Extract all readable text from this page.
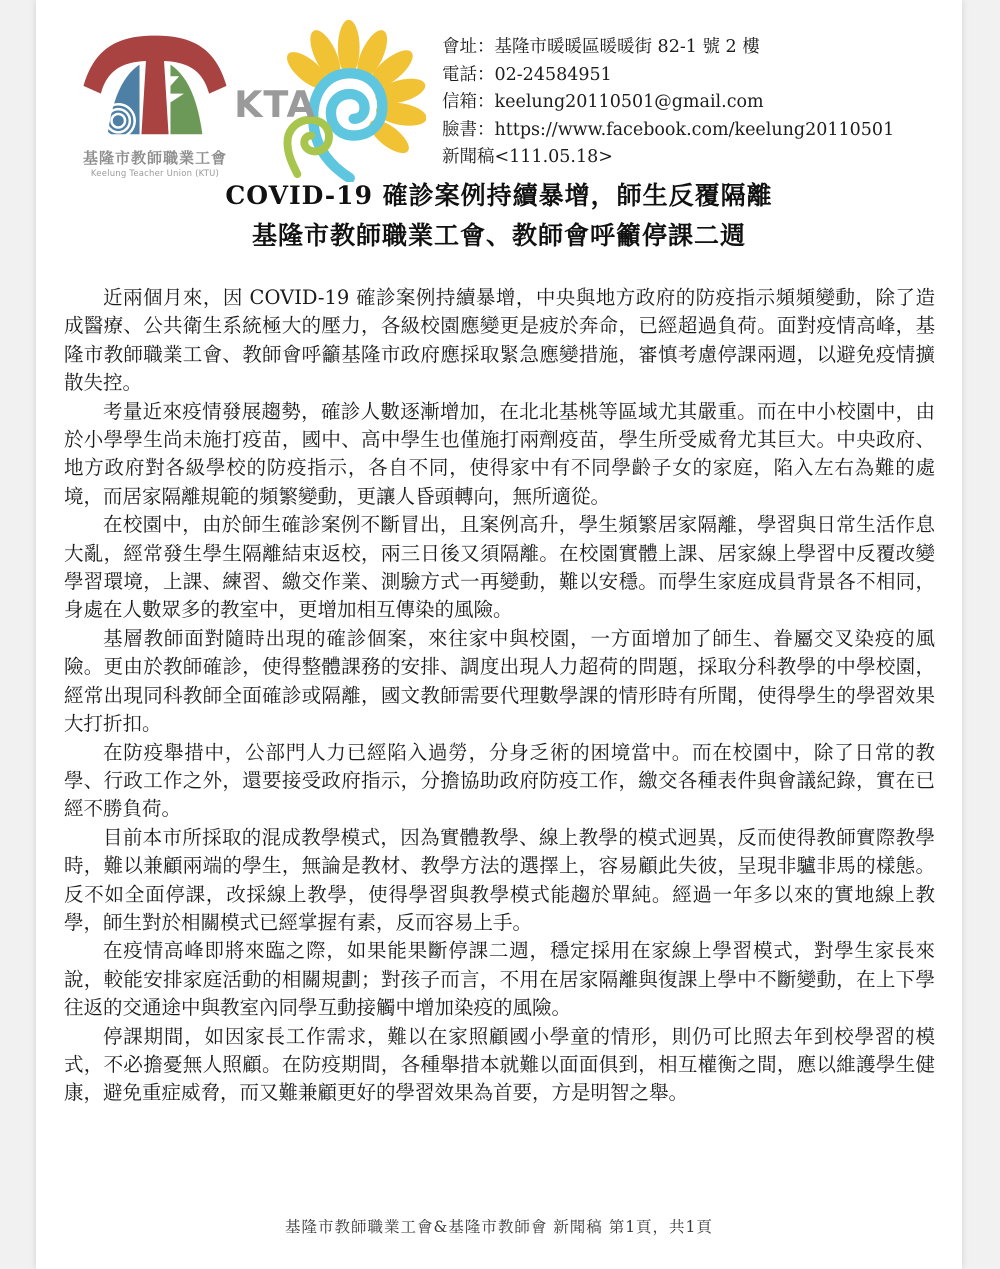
基隆市教師職業工會
Keelung Teacher Union (KTU)
KTA
會址：基隆市暖暖區暖暖街 82-1 號 2 樓
電話：02-24584951
信箱：keelung20110501@gmail.com
臉書：https://www.facebook.com/keelung20110501
新聞稿<111.05.18>
COVID-19 確診案例持續暴增，師生反覆隔離
基隆市教師職業工會、教師會呼籲停課二週

近兩個月來，因 COVID-19 確診案例持續暴增，中央與地方政府的防疫指示頻頻變動，除了造成醫療、公共衛生系統極大的壓力，各級校園應變更是疲於奔命，已經超過負荷。面對疫情高峰，基隆市教師職業工會、教師會呼籲基隆市政府應採取緊急應變措施，審慎考慮停課兩週，以避免疫情擴散失控。

考量近來疫情發展趨勢，確診人數逐漸增加，在北北基桃等區域尤其嚴重。而在中小校園中，由於小學學生尚未施打疫苗，國中、高中學生也僅施打兩劑疫苗，學生所受威脅尤其巨大。中央政府、地方政府對各級學校的防疫指示，各自不同，使得家中有不同學齡子女的家庭，陷入左右為難的處境，而居家隔離規範的頻繁變動，更讓人昏頭轉向，無所適從。

在校園中，由於師生確診案例不斷冒出，且案例高升，學生頻繁居家隔離，學習與日常生活作息大亂，經常發生學生隔離結束返校，兩三日後又須隔離。在校園實體上課、居家線上學習中反覆改變學習環境，上課、練習、繳交作業、測驗方式一再變動，難以安穩。而學生家庭成員背景各不相同，身處在人數眾多的教室中，更增加相互傳染的風險。

基層教師面對隨時出現的確診個案，來往家中與校園，一方面增加了師生、眷屬交叉染疫的風險。更由於教師確診，使得整體課務的安排、調度出現人力超荷的問題，採取分科教學的中學校園，經常出現同科教師全面確診或隔離，國文教師需要代理數學課的情形時有所聞，使得學生的學習效果大打折扣。

在防疫舉措中，公部門人力已經陷入過勞，分身乏術的困境當中。而在校園中，除了日常的教學、行政工作之外，還要接受政府指示，分擔協助政府防疫工作，繳交各種表件與會議紀錄，實在已經不勝負荷。

目前本市所採取的混成教學模式，因為實體教學、線上教學的模式迥異，反而使得教師實際教學時，難以兼顧兩端的學生，無論是教材、教學方法的選擇上，容易顧此失彼，呈現非驢非馬的樣態。反不如全面停課，改採線上教學，使得學習與教學模式能趨於單純。經過一年多以來的實地線上教學，師生對於相關模式已經掌握有素，反而容易上手。

在疫情高峰即將來臨之際，如果能果斷停課二週，穩定採用在家線上學習模式，對學生家長來說，較能安排家庭活動的相關規劃；對孩子而言，不用在居家隔離與復課上學中不斷變動，在上下學往返的交通途中與教室內同學互動接觸中增加染疫的風險。

停課期間，如因家長工作需求，難以在家照顧國小學童的情形，則仍可比照去年到校學習的模式，不必擔憂無人照顧。在防疫期間，各種舉措本就難以面面俱到，相互權衡之間，應以維護學生健康，避免重症威脅，而又難兼顧更好的學習效果為首要，方是明智之舉。

基隆市教師職業工會&基隆市教師會 新聞稿 第1頁，共1頁
